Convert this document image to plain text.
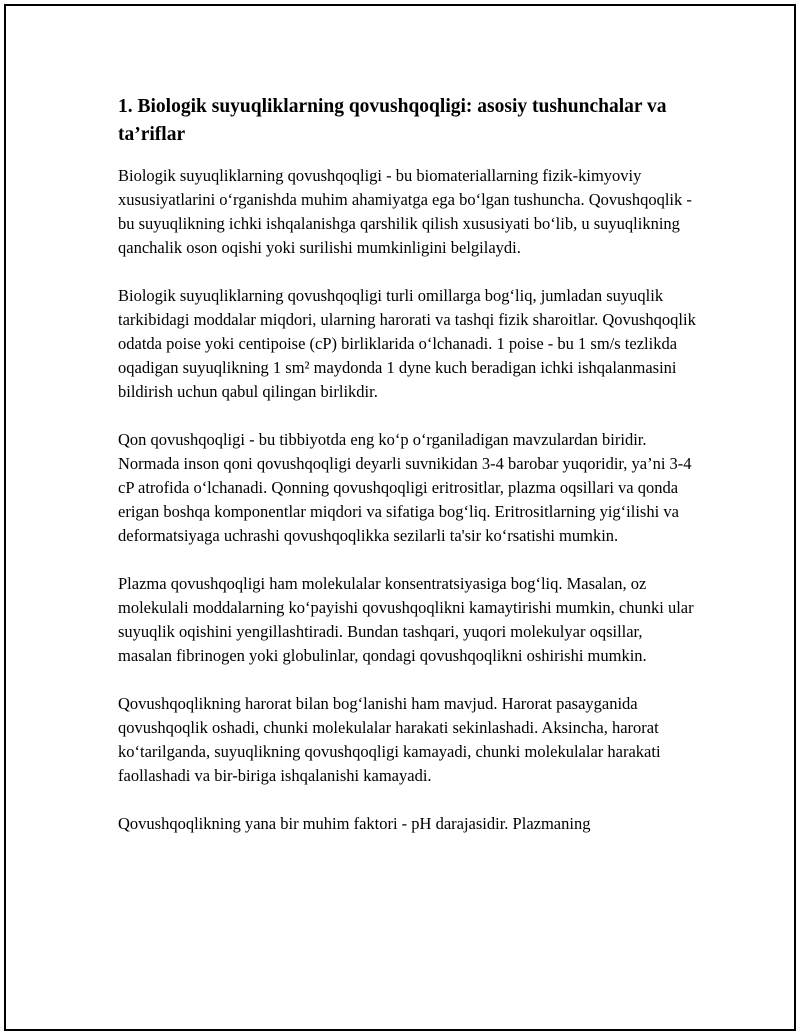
1. Biologik suyuqliklarning qovushqoqligi: asosiy tushunchalar va ta’riflar

Biologik suyuqliklarning qovushqoqligi - bu biomateriallarning fizik-kimyoviy xususiyatlarini o‘rganishda muhim ahamiyatga ega bo‘lgan tushuncha. Qovushqoqlik - bu suyuqlikning ichki ishqalanishga qarshilik qilish xususiyati bo‘lib, u suyuqlikning qanchalik oson oqishi yoki surilishi mumkinligini belgilaydi.

Biologik suyuqliklarning qovushqoqligi turli omillarga bog‘liq, jumladan suyuqlik tarkibidagi moddalar miqdori, ularning harorati va tashqi fizik sharoitlar. Qovushqoqlik odatda poise yoki centipoise (cP) birliklarida o‘lchanadi. 1 poise - bu 1 sm/s tezlikda oqadigan suyuqlikning 1 sm² maydonda 1 dyne kuch beradigan ichki ishqalanmasini bildirish uchun qabul qilingan birlikdir.

Qon qovushqoqligi - bu tibbiyotda eng ko‘p o‘rganiladigan mavzulardan biridir. Normada inson qoni qovushqoqligi deyarli suvnikidan 3-4 barobar yuqoridir, ya’ni 3-4 cP atrofida o‘lchanadi. Qonning qovushqoqligi eritrositlar, plazma oqsillari va qonda erigan boshqa komponentlar miqdori va sifatiga bog‘liq. Eritrositlarning yig‘ilishi va deformatsiyaga uchrashi qovushqoqlikka sezilarli ta'sir ko‘rsatishi mumkin.

Plazma qovushqoqligi ham molekulalar konsentratsiyasiga bog‘liq. Masalan, oz molekulali moddalarning ko‘payishi qovushqoqlikni kamaytirishi mumkin, chunki ular suyuqlik oqishini yengillashtiradi. Bundan tashqari, yuqori molekulyar oqsillar, masalan fibrinogen yoki globulinlar, qondagi qovushqoqlikni oshirishi mumkin.

Qovushqoqlikning harorat bilan bog‘lanishi ham mavjud. Harorat pasayganida qovushqoqlik oshadi, chunki molekulalar harakati sekinlashadi. Aksincha, harorat ko‘tarilganda, suyuqlikning qovushqoqligi kamayadi, chunki molekulalar harakati faollashadi va bir-biriga ishqalanishi kamayadi.

Qovushqoqlikning yana bir muhim faktori - pH darajasidir. Plazmaning
